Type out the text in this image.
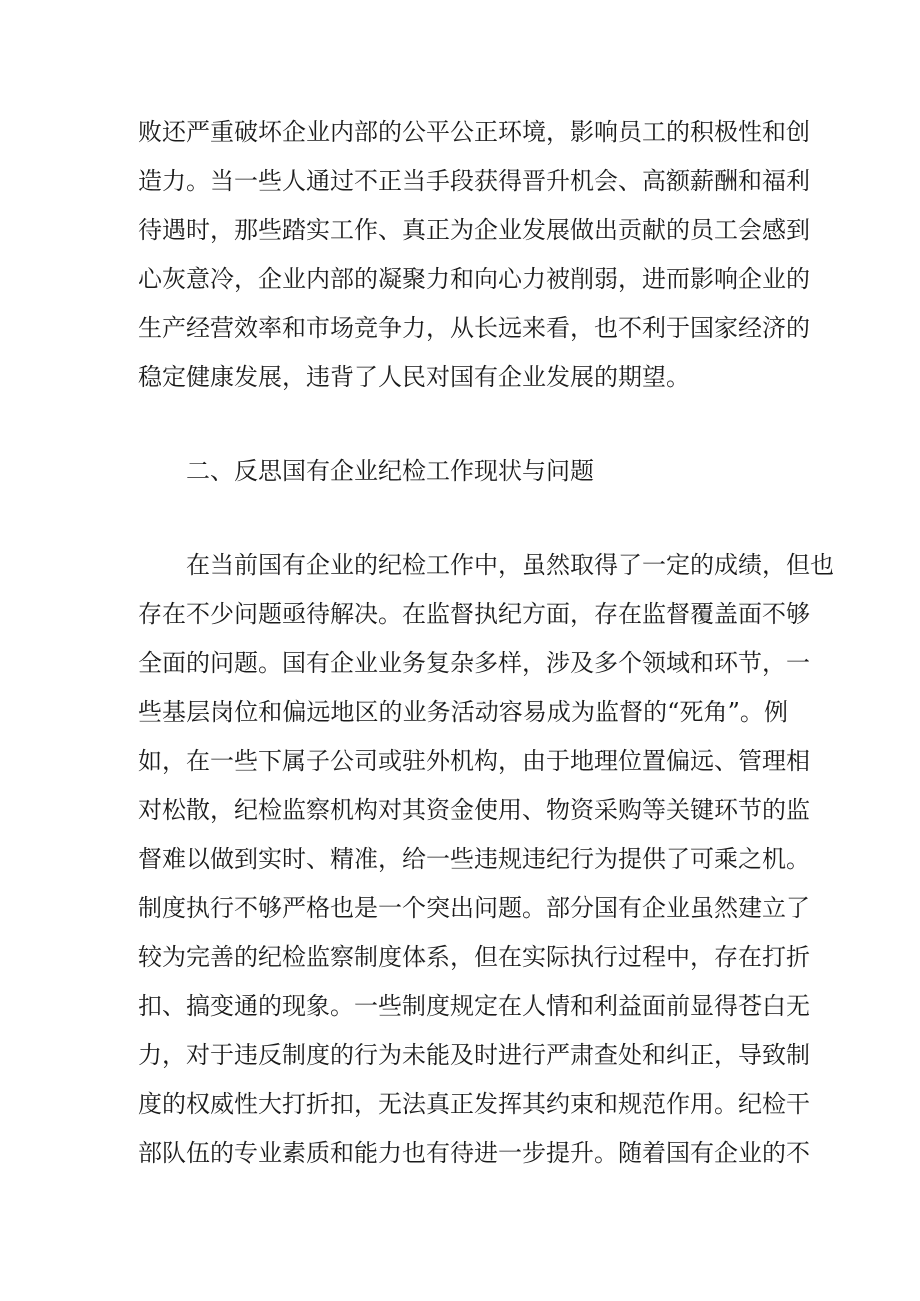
败还严重破坏企业内部的公平公正环境，影响员工的积极性和创
造力。当一些人通过不正当手段获得晋升机会、高额薪酬和福利
待遇时，那些踏实工作、真正为企业发展做出贡献的员工会感到
心灰意冷，企业内部的凝聚力和向心力被削弱，进而影响企业的
生产经营效率和市场竞争力，从长远来看，也不利于国家经济的
稳定健康发展，违背了人民对国有企业发展的期望。
二、反思国有企业纪检工作现状与问题
在当前国有企业的纪检工作中，虽然取得了一定的成绩，但也
存在不少问题亟待解决。在监督执纪方面，存在监督覆盖面不够
全面的问题。国有企业业务复杂多样，涉及多个领域和环节，一
些基层岗位和偏远地区的业务活动容易成为监督的“死角”。例
如，在一些下属子公司或驻外机构，由于地理位置偏远、管理相
对松散，纪检监察机构对其资金使用、物资采购等关键环节的监
督难以做到实时、精准，给一些违规违纪行为提供了可乘之机。
制度执行不够严格也是一个突出问题。部分国有企业虽然建立了
较为完善的纪检监察制度体系，但在实际执行过程中，存在打折
扣、搞变通的现象。一些制度规定在人情和利益面前显得苍白无
力，对于违反制度的行为未能及时进行严肃查处和纠正，导致制
度的权威性大打折扣，无法真正发挥其约束和规范作用。纪检干
部队伍的专业素质和能力也有待进一步提升。随着国有企业的不
